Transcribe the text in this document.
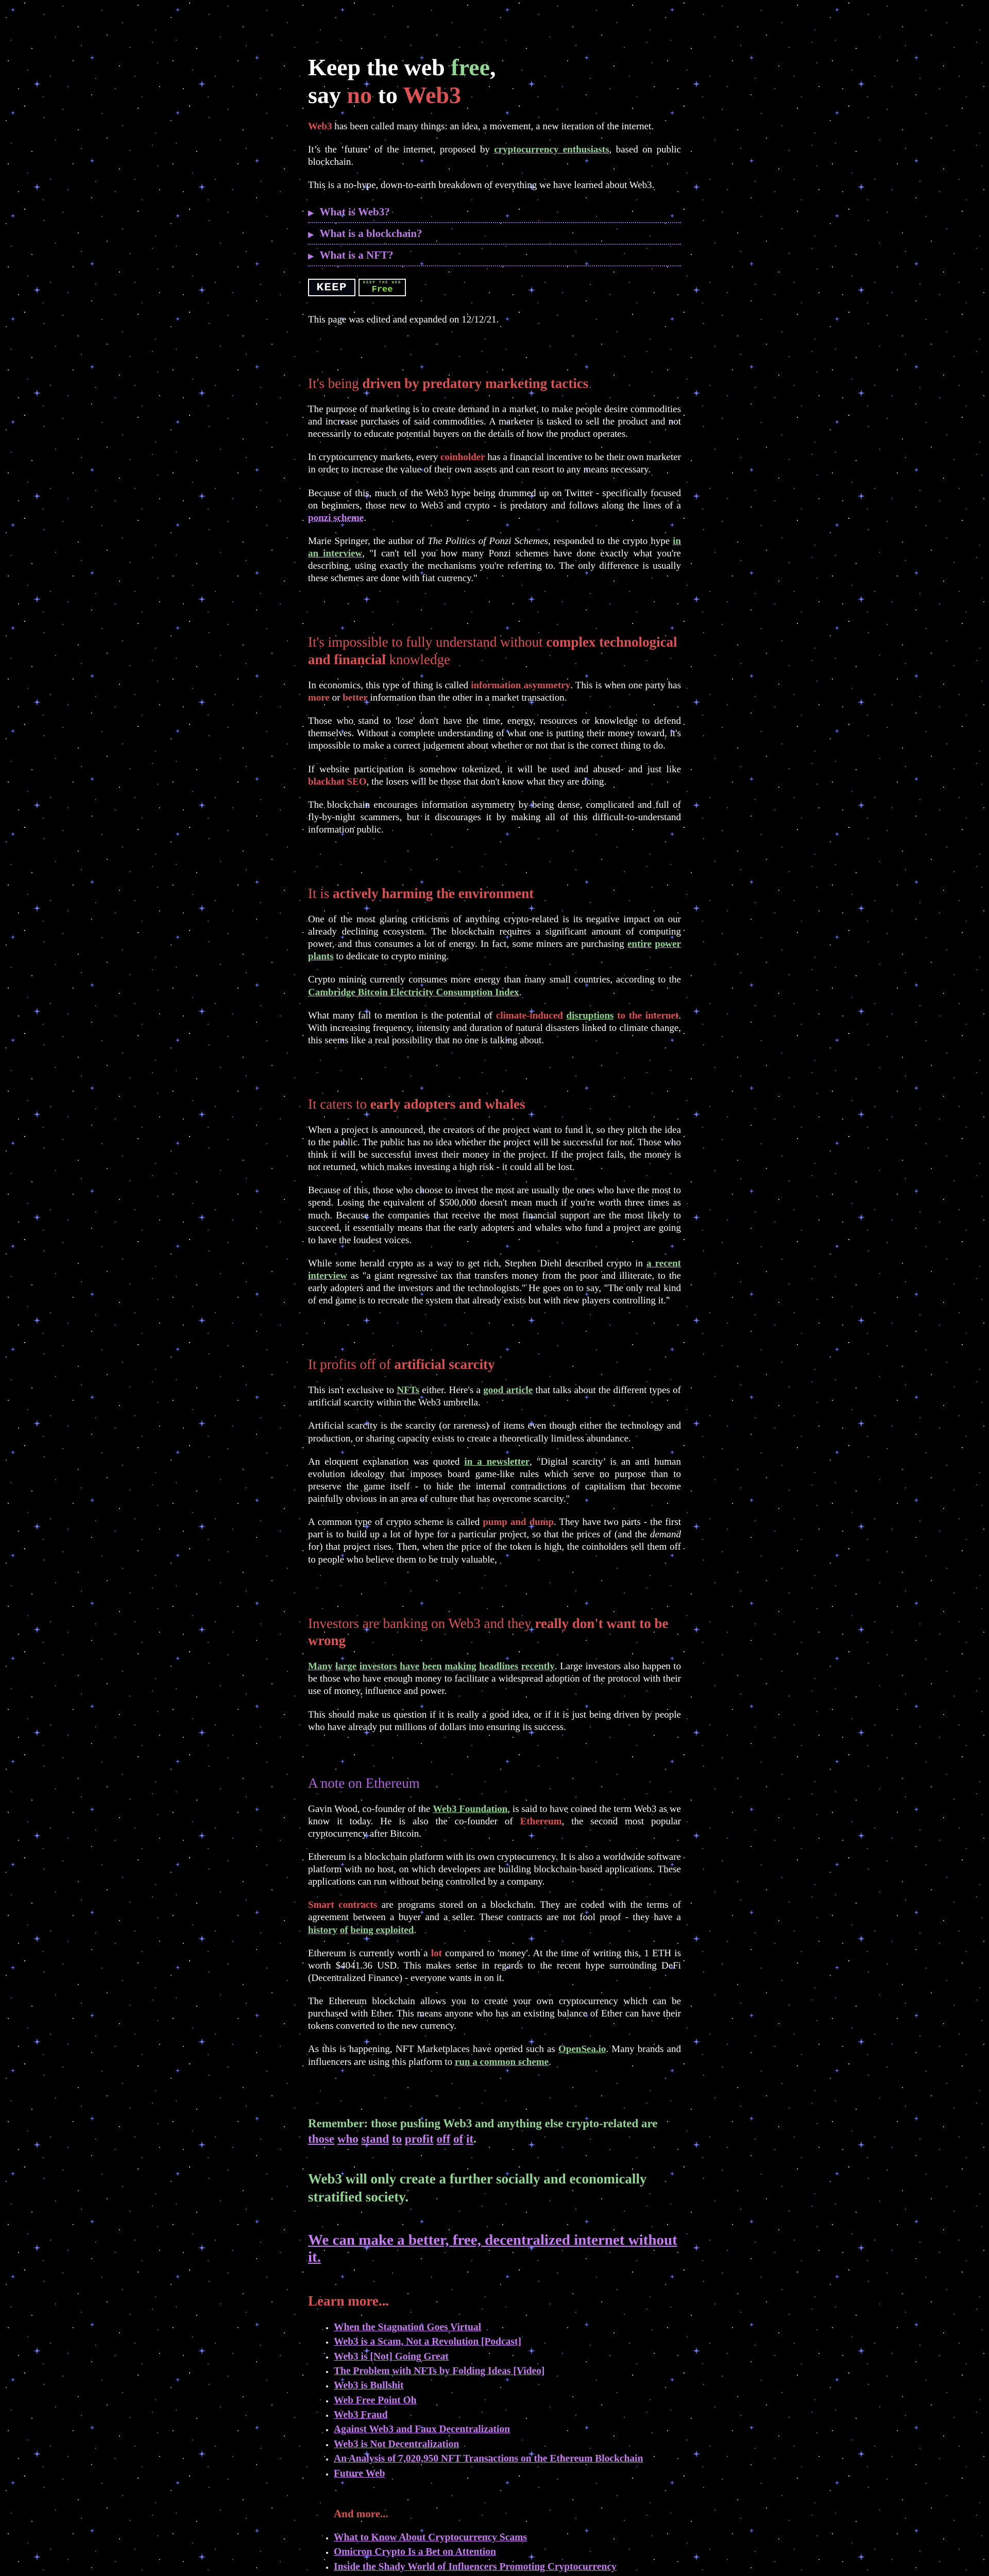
Keep the web free,
say no to Web3

Web3 has been called many things: an idea, a movement, a new iteration of the internet.

It’s the ‘future’ of the internet, proposed by cryptocurrency enthusiasts, based on public blockchain.

This is a no-hype, down-to-earth breakdown of everything we have learned about Web3.

▶ What is Web3?
▶ What is a blockchain?
▶ What is a NFT?
KEEP	KEEP THE WEB
Free

This page was edited and expanded on 12/12/21.

It's being driven by predatory marketing tactics

The purpose of marketing is to create demand in a market, to make people desire commodities and increase purchases of said commodities. A marketer is tasked to sell the product and not necessarily to educate potential buyers on the details of how the product operates.

In cryptocurrency markets, every coinholder has a financial incentive to be their own marketer in order to increase the value of their own assets and can resort to any means necessary.

Because of this, much of the Web3 hype being drummed up on Twitter - specifically focused on beginners, those new to Web3 and crypto - is predatory and follows along the lines of a ponzi scheme.

Marie Springer, the author of The Politics of Ponzi Schemes, responded to the crypto hype in an interview, "I can't tell you how many Ponzi schemes have done exactly what you're describing, using exactly the mechanisms you're referring to. The only difference is usually these schemes are done with fiat currency."

It's impossible to fully understand without complex technological and financial knowledge

In economics, this type of thing is called information asymmetry. This is when one party has more or better information than the other in a market transaction.

Those who stand to 'lose' don't have the time, energy, resources or knowledge to defend themselves. Without a complete understanding of what one is putting their money toward, it's impossible to make a correct judgement about whether or not that is the correct thing to do.

If website participation is somehow tokenized, it will be used and abused- and just like blackhat SEO, the losers will be those that don't know what they are doing.

The blockchain encourages information asymmetry by being dense, complicated and full of fly-by-night scammers, but it discourages it by making all of this difficult-to-understand information public.

It is actively harming the environment

One of the most glaring criticisms of anything crypto-related is its negative impact on our already declining ecosystem. The blockchain requires a significant amount of computing power, and thus consumes a lot of energy. In fact, some miners are purchasing entire power plants to dedicate to crypto mining.

Crypto mining currently consumes more energy than many small countries, according to the Cambridge Bitcoin Electricity Consumption Index.

What many fail to mention is the potential of climate-induced disruptions to the internet. With increasing frequency, intensity and duration of natural disasters linked to climate change, this seems like a real possibility that no one is talking about.

It caters to early adopters and whales

When a project is announced, the creators of the project want to fund it, so they pitch the idea to the public. The public has no idea whether the project will be successful for not. Those who think it will be successful invest their money in the project. If the project fails, the money is not returned, which makes investing a high risk - it could all be lost.

Because of this, those who choose to invest the most are usually the ones who have the most to spend. Losing the equivalent of $500,000 doesn't mean much if you're worth three times as much. Because the companies that receive the most financial support are the most likely to succeed, it essentially means that the early adopters and whales who fund a project are going to have the loudest voices.

While some herald crypto as a way to get rich, Stephen Diehl described crypto in a recent interview as "a giant regressive tax that transfers money from the poor and illiterate, to the early adopters and the investors and the technologists." He goes on to say, "The only real kind of end game is to recreate the system that already exists but with new players controlling it."

It profits off of artificial scarcity

This isn't exclusive to NFTs either. Here's a good article that talks about the different types of artificial scarcity within the Web3 umbrella.

Artificial scarcity is the scarcity (or rareness) of items even though either the technology and production, or sharing capacity exists to create a theoretically limitless abundance.

An eloquent explanation was quoted in a newsletter, "Digital scarcity’ is an anti human evolution ideology that imposes board game-like rules which serve no purpose than to preserve the game itself - to hide the internal contradictions of capitalism that become painfully obvious in an area of culture that has overcome scarcity."

A common type of crypto scheme is called pump and dump. They have two parts - the first part is to build up a lot of hype for a particular project, so that the prices of (and the demand for) that project rises. Then, when the price of the token is high, the coinholders sell them off to people who believe them to be truly valuable,

Investors are banking on Web3 and they really don't want to be wrong

Many large investors have been making headlines recently. Large investors also happen to be those who have enough money to facilitate a widespread adoption of the protocol with their use of money, influence and power.

This should make us question if it is really a good idea, or if it is just being driven by people who have already put millions of dollars into ensuring its success.

A note on Ethereum

Gavin Wood, co-founder of the Web3 Foundation, is said to have coined the term Web3 as we know it today. He is also the co-founder of Ethereum, the second most popular cryptocurrency after Bitcoin.

Ethereum is a blockchain platform with its own cryptocurrency. It is also a worldwide software platform with no host, on which developers are building blockchain-based applications. These applications can run without being controlled by a company.

Smart contracts are programs stored on a blockchain. They are coded with the terms of agreement between a buyer and a seller. These contracts are not fool proof - they have a history of being exploited.

Ethereum is currently worth a lot compared to 'money'. At the time of writing this, 1 ETH is worth $4041.36 USD. This makes sense in regards to the recent hype surrounding DeFi (Decentralized Finance) - everyone wants in on it.

The Ethereum blockchain allows you to create your own cryptocurrency which can be purchased with Ether. This means anyone who has an existing balance of Ether can have their tokens converted to the new currency.

As this is happening, NFT Marketplaces have opened such as OpenSea.io. Many brands and influencers are using this platform to run a common scheme.

Remember: those pushing Web3 and anything else crypto-related are those who stand to profit off of it.

Web3 will only create a further socially and economically stratified society.
We can make a better, free, decentralized internet without it.
Learn more...
• When the Stagnation Goes Virtual
• Web3 is a Scam, Not a Revolution [Podcast]
• Web3 is [Not] Going Great
• The Problem with NFTs by Folding Ideas [Video]
• Web3 is Bullshit
• Web Free Point Oh
• Web3 Fraud
• Against Web3 and Faux Decentralization
• Web3 is Not Decentralization
• An Analysis of 7,020,950 NFT Transactions on the Ethereum Blockchain
• Future Web
And more...
• What to Know About Cryptocurrency Scams
• Omicron Crypto Is a Bet on Attention
• Inside the Shady World of Influencers Promoting Cryptocurrency
•
